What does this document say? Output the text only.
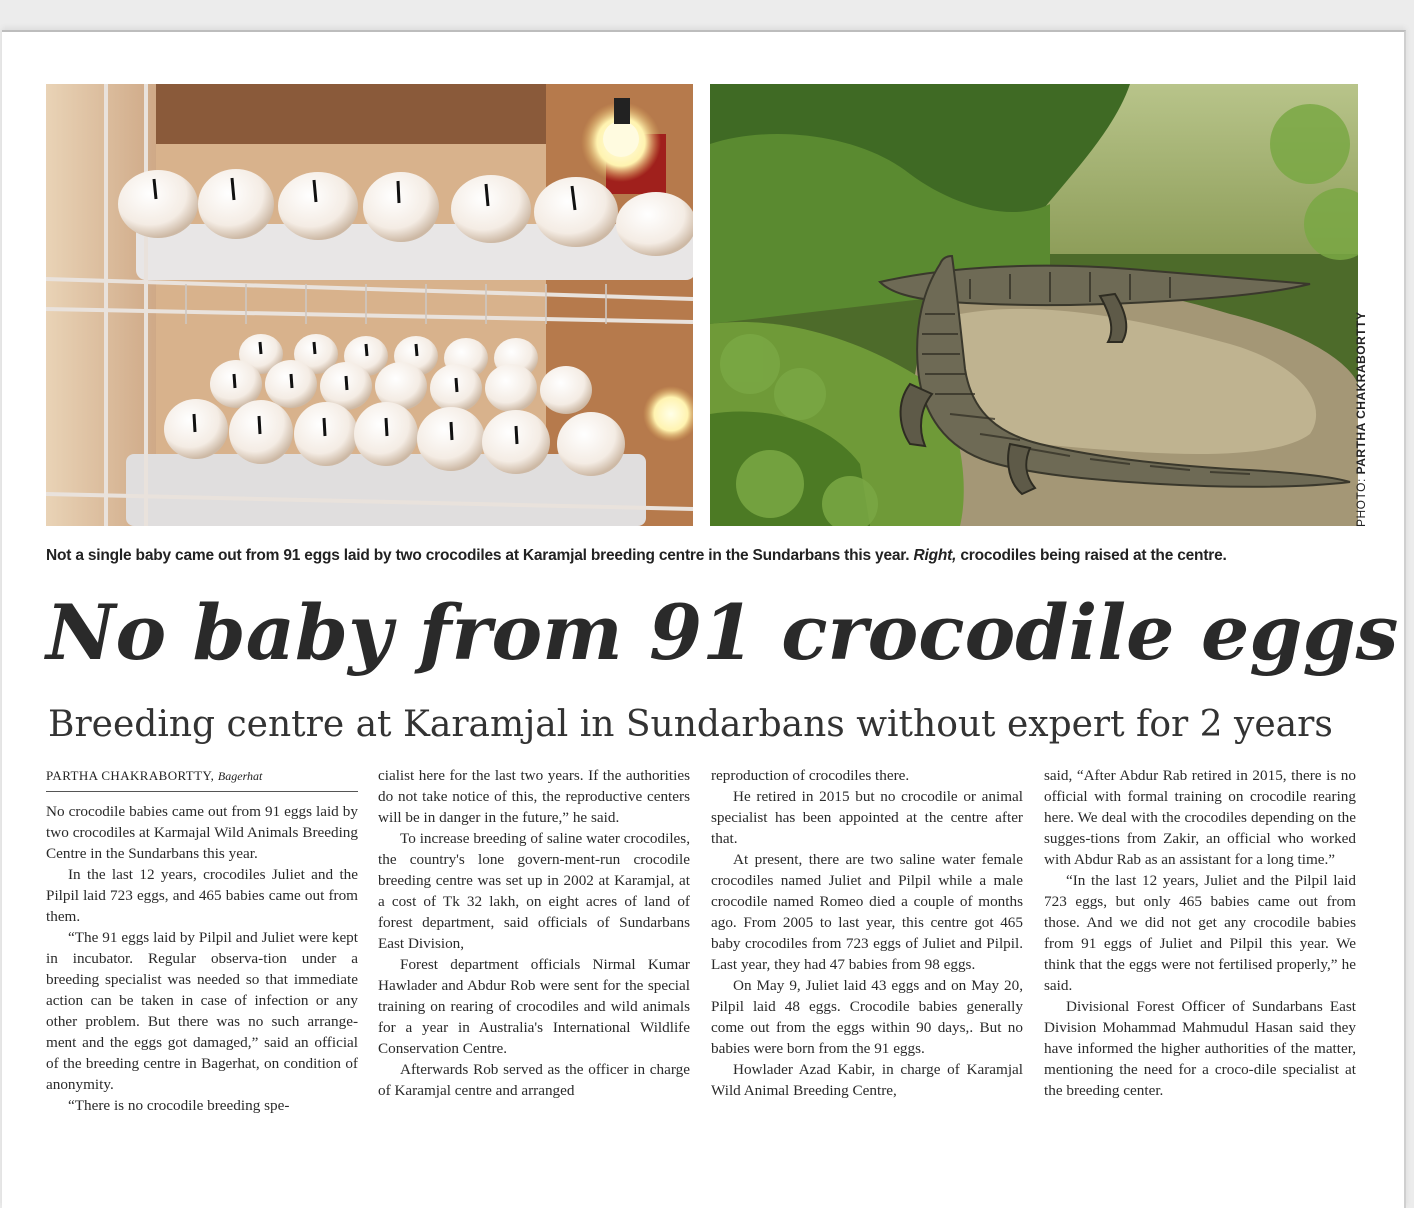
PHOTO: PARTHA CHAKRABORTTY
Not a single baby came out from 91 eggs laid by two crocodiles at Karamjal breeding centre in the Sundarbans this year. Right, crocodiles being raised at the centre.
No baby from 91 crocodile eggs
Breeding centre at Karamjal in Sundarbans without expert for 2 years
PARTHA CHAKRABORTTY, Bagerhat

No crocodile babies came out from 91 eggs laid by two crocodiles at Karmajal Wild Animals Breeding Centre in the Sundarbans this year.

In the last 12 years, crocodiles Juliet and the Pilpil laid 723 eggs, and 465 babies came out from them.

“The 91 eggs laid by Pilpil and Juliet were kept in incubator. Regular observa-tion under a breeding specialist was needed so that immediate action can be taken in case of infection or any other problem. But there was no such arrange-ment and the eggs got damaged,” said an official of the breeding centre in Bagerhat, on condition of anonymity.

“There is no crocodile breeding spe-

cialist here for the last two years. If the authorities do not take notice of this, the reproductive centers will be in danger in the future,” he said.

To increase breeding of saline water crocodiles, the country's lone govern-ment-run crocodile breeding centre was set up in 2002 at Karamjal, at a cost of Tk 32 lakh, on eight acres of land of forest department, said officials of Sundarbans East Division,

Forest department officials Nirmal Kumar Hawlader and Abdur Rob were sent for the special training on rearing of crocodiles and wild animals for a year in Australia's International Wildlife Conservation Centre.

Afterwards Rob served as the officer in charge of Karamjal centre and arranged

reproduction of crocodiles there.

He retired in 2015 but no crocodile or animal specialist has been appointed at the centre after that.

At present, there are two saline water female crocodiles named Juliet and Pilpil while a male crocodile named Romeo died a couple of months ago. From 2005 to last year, this centre got 465 baby crocodiles from 723 eggs of Juliet and Pilpil. Last year, they had 47 babies from 98 eggs.

On May 9, Juliet laid 43 eggs and on May 20, Pilpil laid 48 eggs. Crocodile babies generally come out from the eggs within 90 days,. But no babies were born from the 91 eggs.

Howlader Azad Kabir, in charge of Karamjal Wild Animal Breeding Centre,

said, “After Abdur Rab retired in 2015, there is no official with formal training on crocodile rearing here. We deal with the crocodiles depending on the sugges-tions from Zakir, an official who worked with Abdur Rab as an assistant for a long time.”

“In the last 12 years, Juliet and the Pilpil laid 723 eggs, but only 465 babies came out from those. And we did not get any crocodile babies from 91 eggs of Juliet and Pilpil this year. We think that the eggs were not fertilised properly,” he said.

Divisional Forest Officer of Sundarbans East Division Mohammad Mahmudul Hasan said they have informed the higher authorities of the matter, mentioning the need for a croco-dile specialist at the breeding center.
